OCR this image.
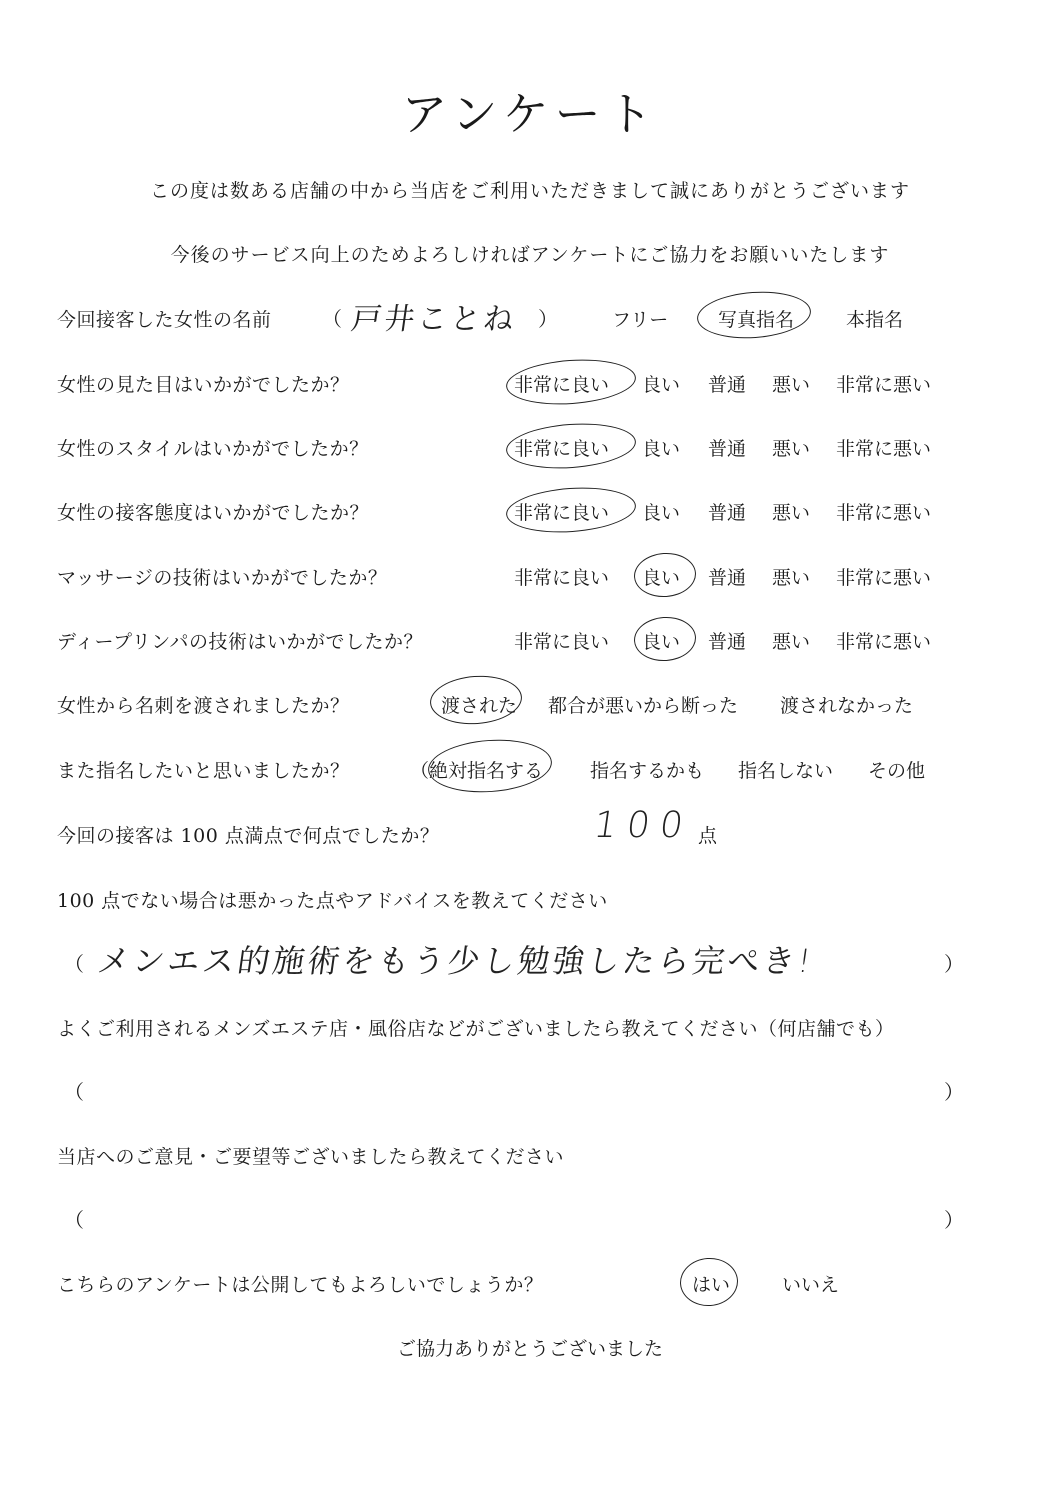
アンケート
この度は数ある店舗の中から当店をご利用いただきまして誠にありがとうございます
今後のサービス向上のためよろしければアンケートにご協力をお願いいたします
今回接客した女性の名前	（ 戸井ことね ）	フリー	写真指名	本指名
女性の見た目はいかがでしたか？	非常に良い 良い 普通 悪い 非常に悪い
女性のスタイルはいかがでしたか？	非常に良い 良い 普通 悪い 非常に悪い
女性の接客態度はいかがでしたか？	非常に良い 良い 普通 悪い 非常に悪い
マッサージの技術はいかがでしたか？	非常に良い 良い 普通 悪い 非常に悪い
ディープリンパの技術はいかがでしたか？	非常に良い 良い 普通 悪い 非常に悪い
女性から名刺を渡されましたか？	渡された 都合が悪いから断った 渡されなかった
また指名したいと思いましたか？	（絶対指名する 指名するかも 指名しない その他
今回の接客は 100 点満点で何点でしたか？	100 点
100 点でない場合は悪かった点やアドバイスを教えてください
（ メンエス的施術をもう少し勉強したら完ぺき!	）
よくご利用されるメンズエステ店・風俗店などがございましたら教えてください（何店舗でも）
（	）
当店へのご意見・ご要望等ございましたら教えてください
（	）
こちらのアンケートは公開してもよろしいでしょうか？	はい	いいえ
ご協力ありがとうございました
